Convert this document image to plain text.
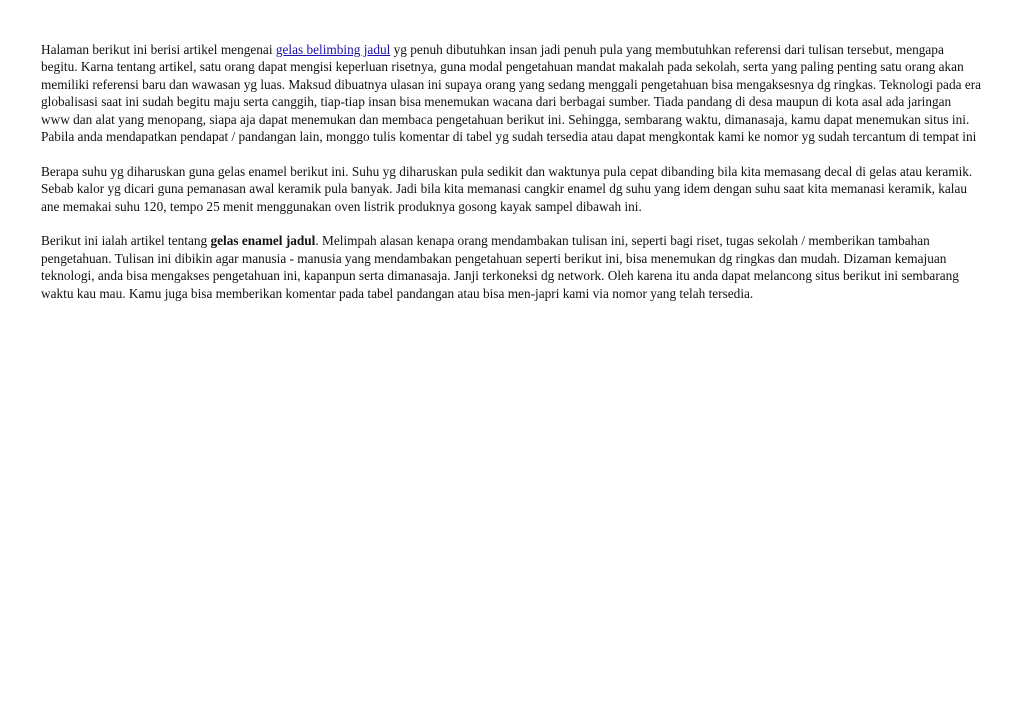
Halaman berikut ini berisi artikel mengenai gelas belimbing jadul yg penuh dibutuhkan insan jadi penuh pula yang membutuhkan referensi dari tulisan tersebut, mengapa begitu. Karna tentang artikel, satu orang dapat mengisi keperluan risetnya, guna modal pengetahuan mandat makalah pada sekolah, serta yang paling penting satu orang akan memiliki referensi baru dan wawasan yg luas. Maksud dibuatnya ulasan ini supaya orang yang sedang menggali pengetahuan bisa mengaksesnya dg ringkas. Teknologi pada era globalisasi saat ini sudah begitu maju serta canggih, tiap-tiap insan bisa menemukan wacana dari berbagai sumber. Tiada pandang di desa maupun di kota asal ada jaringan www dan alat yang menopang, siapa aja dapat menemukan dan membaca pengetahuan berikut ini. Sehingga, sembarang waktu, dimanasaja, kamu dapat menemukan situs ini. Pabila anda mendapatkan pendapat / pandangan lain, monggo tulis komentar di tabel yg sudah tersedia atau dapat mengkontak kami ke nomor yg sudah tercantum di tempat ini

Berapa suhu yg diharuskan guna gelas enamel berikut ini. Suhu yg diharuskan pula sedikit dan waktunya pula cepat dibanding bila kita memasang decal di gelas atau keramik. Sebab kalor yg dicari guna pemanasan awal keramik pula banyak. Jadi bila kita memanasi cangkir enamel dg suhu yang idem dengan suhu saat kita memanasi keramik, kalau ane memakai suhu 120, tempo 25 menit menggunakan oven listrik produknya gosong kayak sampel dibawah ini.

Berikut ini ialah artikel tentang gelas enamel jadul. Melimpah alasan kenapa orang mendambakan tulisan ini, seperti bagi riset, tugas sekolah / memberikan tambahan pengetahuan. Tulisan ini dibikin agar manusia - manusia yang mendambakan pengetahuan seperti berikut ini, bisa menemukan dg ringkas dan mudah. Dizaman kemajuan teknologi, anda bisa mengakses pengetahuan ini, kapanpun serta dimanasaja. Janji terkoneksi dg network. Oleh karena itu anda dapat melancong situs berikut ini sembarang waktu kau mau. Kamu juga bisa memberikan komentar pada tabel pandangan atau bisa men-japri kami via nomor yang telah tersedia.
